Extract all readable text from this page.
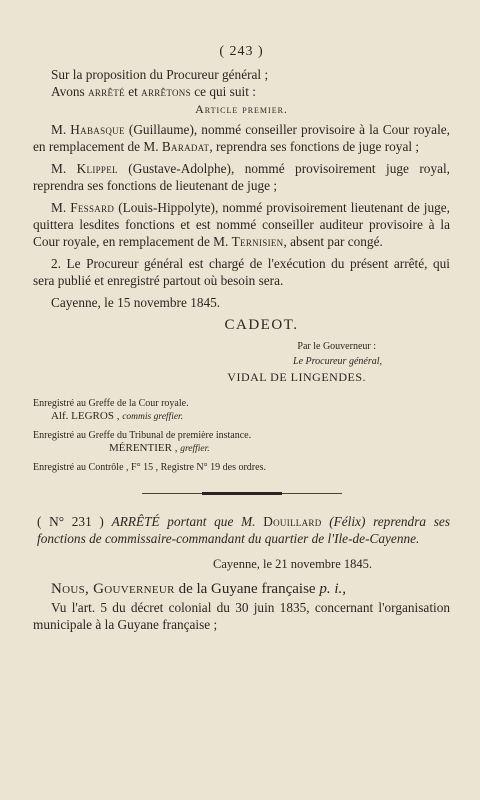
( 243 )

Sur la proposition du Procureur général ;

Avons arrêté et arrêtons ce qui suit :

Article premier.

M. Habasque (Guillaume), nommé conseiller provisoire à la Cour royale, en remplacement de M. Baradat, reprendra ses fonctions de juge royal ;

M. Klippel (Gustave-Adolphe), nommé provisoirement juge royal, reprendra ses fonctions de lieutenant de juge ;

M. Fessard (Louis-Hippolyte), nommé provisoirement lieutenant de juge, quittera lesdites fonctions et est nommé conseiller auditeur provisoire à la Cour royale, en remplacement de M. Ternisien, absent par congé.

2. Le Procureur général est chargé de l'exécution du présent arrêté, qui sera publié et enregistré partout où besoin sera.

Cayenne, le 15 novembre 1845.

CADEOT.
Par le Gouverneur :
Le Procureur général,
VIDAL DE LINGENDES.
Enregistré au Greffe de la Cour royale.
Alf. LEGROS , commis greffier.
Enregistré au Greffe du Tribunal de première instance.
MÉRENTIER , greffier.
Enregistré au Contrôle , F° 15 , Registre N° 19 des ordres.

( N° 231 ) ARRÊTÉ portant que M. Douillard (Félix) reprendra ses fonctions de commissaire-commandant du quartier de l'Ile-de-Cayenne.

Cayenne, le 21 novembre 1845.

Nous, Gouverneur de la Guyane française p. i.,

Vu l'art. 5 du décret colonial du 30 juin 1835, concernant l'organisation municipale à la Guyane française ;
